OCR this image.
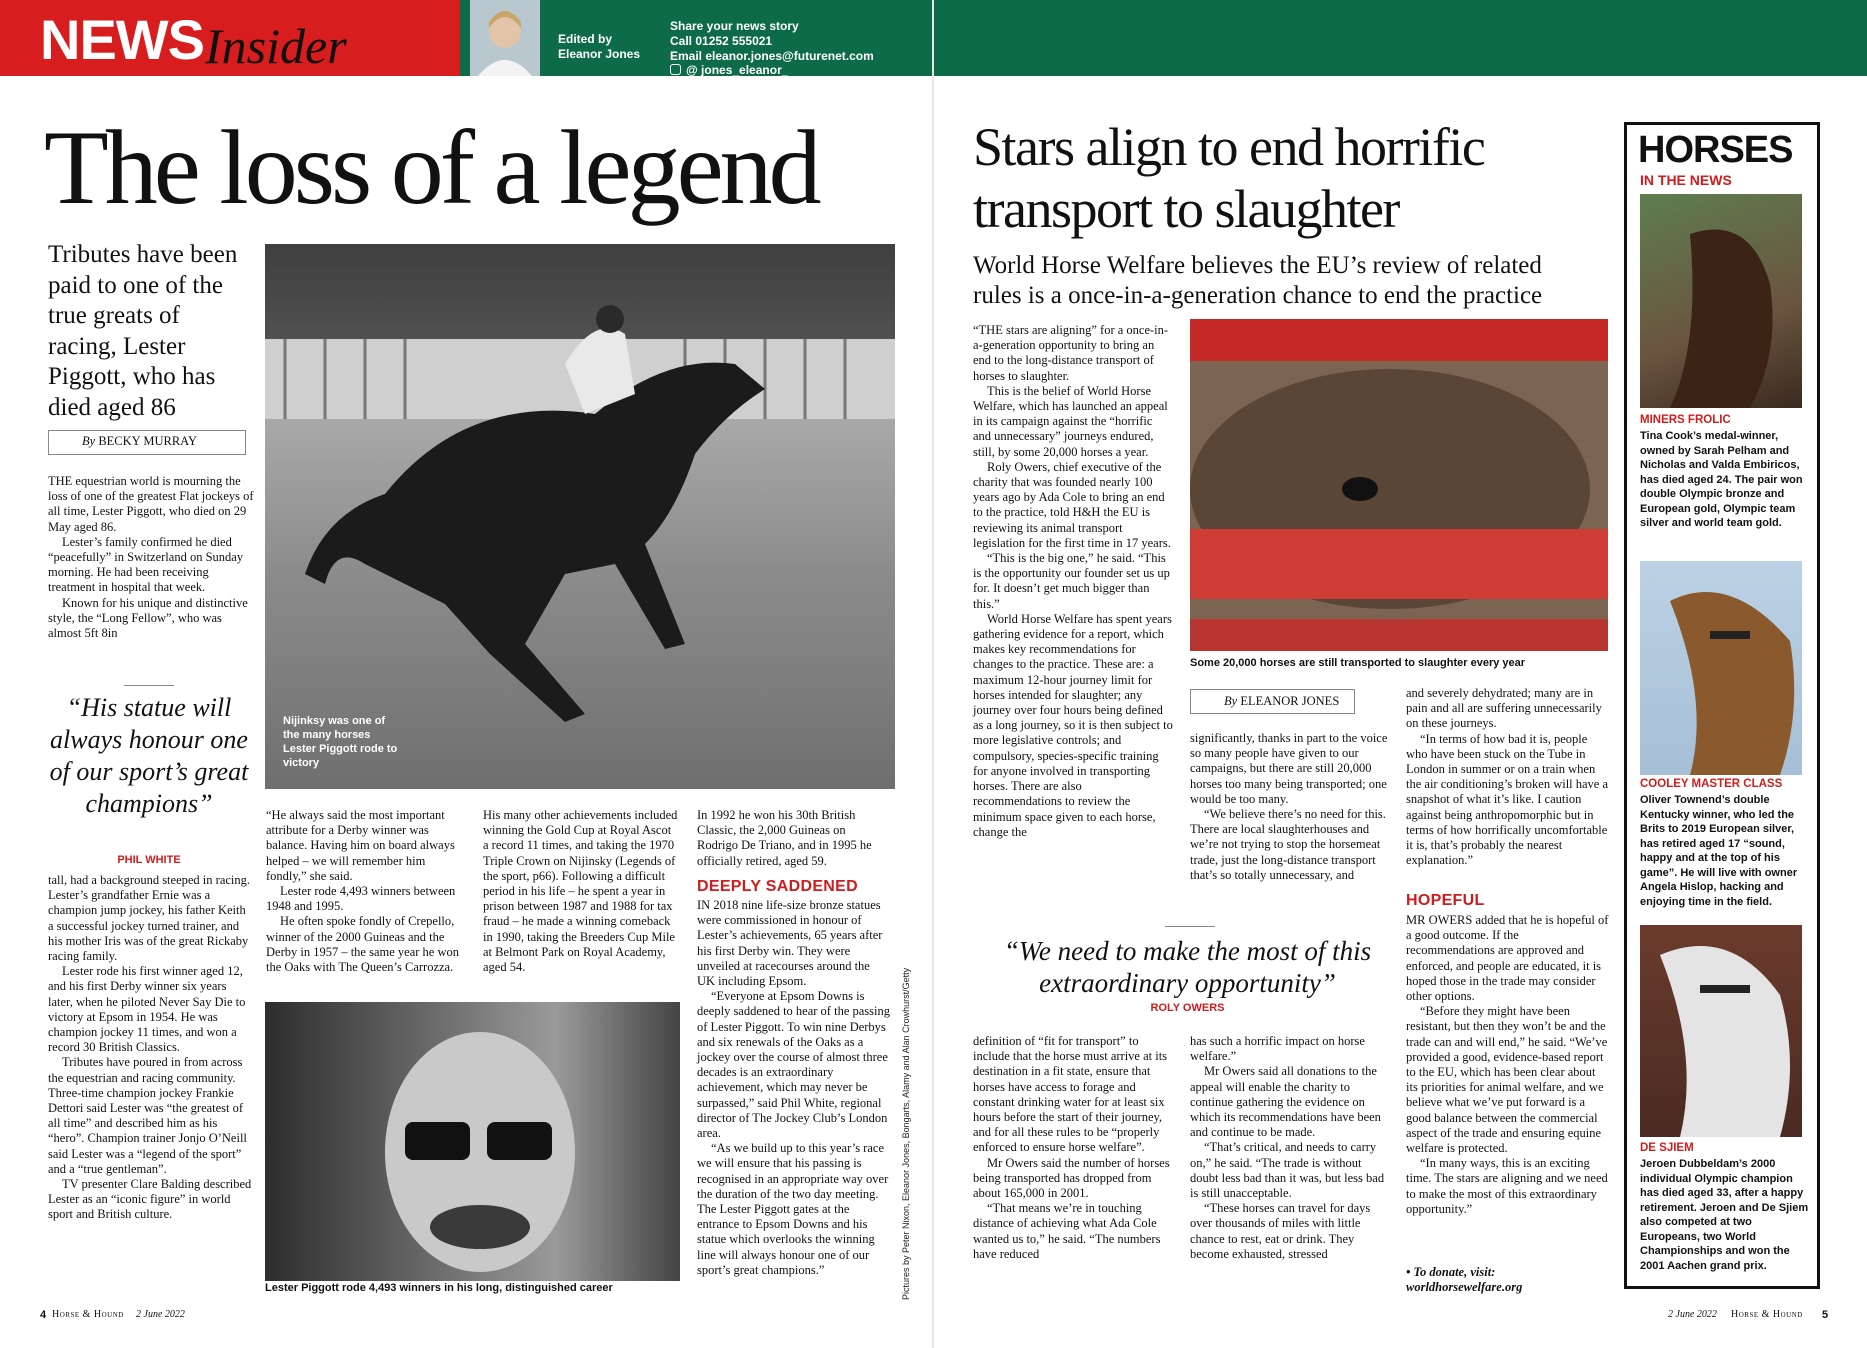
NEWS Insider	Edited by
Eleanor Jones
Share your news story
Call 01252 555021
Email eleanor.jones@futurenet.com
@ jones_eleanor_
The loss of a legend
Tributes have been paid to one of the true greats of racing, Lester Piggott, who has died aged 86
By BECKY MURRAY

THE equestrian world is mourning the loss of one of the greatest Flat jockeys of all time, Lester Piggott, who died on 29 May aged 86.

Lester’s family confirmed he died “peacefully” in Switzerland on Sunday morning. He had been receiving treatment in hospital that week.

Known for his unique and distinctive style, the “Long Fellow”, who was almost 5ft 8in

“His statue will always honour one of our sport’s great champions”
PHIL WHITE

tall, had a background steeped in racing. Lester’s grandfather Ernie was a champion jump jockey, his father Keith a successful jockey turned trainer, and his mother Iris was of the great Rickaby racing family.

Lester rode his first winner aged 12, and his first Derby winner six years later, when he piloted Never Say Die to victory at Epsom in 1954. He was champion jockey 11 times, and won a record 30 British Classics.

Tributes have poured in from across the equestrian and racing community. Three-time champion jockey Frankie Dettori said Lester was “the greatest of all time” and described him as his “hero”. Champion trainer Jonjo O’Neill said Lester was a “legend of the sport” and a “true gentleman”.

TV presenter Clare Balding described Lester as an “iconic figure” in world sport and British culture.

Nijinksy was one of the many horses Lester Piggott rode to victory

“He always said the most important attribute for a Derby winner was balance. Having him on board always helped – we will remember him fondly,” she said.

Lester rode 4,493 winners between 1948 and 1995.

He often spoke fondly of Crepello, winner of the 2000 Guineas and the Derby in 1957 – the same year he won the Oaks with The Queen’s Carrozza.

His many other achievements included winning the Gold Cup at Royal Ascot a record 11 times, and taking the 1970 Triple Crown on Nijinsky (Legends of the sport, p66). Following a difficult period in his life – he spent a year in prison between 1987 and 1988 for tax fraud – he made a winning comeback in 1990, taking the Breeders Cup Mile at Belmont Park on Royal Academy, aged 54.

Lester Piggott rode 4,493 winners in his long, distinguished career

In 1992 he won his 30th British Classic, the 2,000 Guineas on Rodrigo De Triano, and in 1995 he officially retired, aged 59.

DEEPLY SADDENED

IN 2018 nine life-size bronze statues were commissioned in honour of Lester’s achievements, 65 years after his first Derby win. They were unveiled at racecourses around the UK including Epsom.

“Everyone at Epsom Downs is deeply saddened to hear of the passing of Lester Piggott. To win nine Derbys and six renewals of the Oaks as a jockey over the course of almost three decades is an extraordinary achievement, which may never be surpassed,” said Phil White, regional director of The Jockey Club’s London area.

“As we build up to this year’s race we will ensure that his passing is recognised in an appropriate way over the duration of the two day meeting. The Lester Piggott gates at the entrance to Epsom Downs and his statue which overlooks the winning line will always honour one of our sport’s great champions.”	Pictures by Peter Nixon, Eleanor Jones, Bongarts, Alamy and Alan Crowhurst/Getty
Stars align to end horrific
transport to slaughter
World Horse Welfare believes the EU’s review of related rules is a once-in-a-generation chance to end the practice

“THE stars are aligning” for a once-in-a-generation opportunity to bring an end to the long-distance transport of horses to slaughter.

This is the belief of World Horse Welfare, which has launched an appeal in its campaign against the “horrific and unnecessary” journeys endured, still, by some 20,000 horses a year.

Roly Owers, chief executive of the charity that was founded nearly 100 years ago by Ada Cole to bring an end to the practice, told H&H the EU is reviewing its animal transport legislation for the first time in 17 years.

“This is the big one,” he said. “This is the opportunity our founder set us up for. It doesn’t get much bigger than this.”

World Horse Welfare has spent years gathering evidence for a report, which makes key recommendations for changes to the practice. These are: a maximum 12-hour journey limit for horses intended for slaughter; any journey over four hours being defined as a long journey, so it is then subject to more legislative controls; and compulsory, species-specific training for anyone involved in transporting horses. There are also recommendations to review the minimum space given to each horse, change the

Some 20,000 horses are still transported to slaughter every year
By ELEANOR JONES

significantly, thanks in part to the voice so many people have given to our campaigns, but there are still 20,000 horses too many being transported; one would be too many.

“We believe there’s no need for this. There are local slaughterhouses and we’re not trying to stop the horsemeat trade, just the long-distance transport that’s so totally unnecessary, and

and severely dehydrated; many are in pain and all are suffering unnecessarily on these journeys.

“In terms of how bad it is, people who have been stuck on the Tube in London in summer or on a train when the air conditioning’s broken will have a snapshot of what it’s like. I caution against being anthropomorphic but in terms of how horrifically uncomfortable it is, that’s probably the nearest explanation.”

HOPEFUL

MR OWERS added that he is hopeful of a good outcome. If the recommendations are approved and enforced, and people are educated, it is hoped those in the trade may consider other options.

“Before they might have been resistant, but then they won’t be and the trade can and will end,” he said. “We’ve provided a good, evidence-based report to the EU, which has been clear about its priorities for animal welfare, and we believe what we’ve put forward is a good balance between the commercial aspect of the trade and ensuring equine welfare is protected.

“In many ways, this is an exciting time. The stars are aligning and we need to make the most of this extraordinary opportunity.”

• To donate, visit: worldhorsewelfare.org
“We need to make the most of this extraordinary opportunity”
ROLY OWERS

definition of “fit for transport” to include that the horse must arrive at its destination in a fit state, ensure that horses have access to forage and constant drinking water for at least six hours before the start of their journey, and for all these rules to be “properly enforced to ensure horse welfare”.

Mr Owers said the number of horses being transported has dropped from about 165,000 in 2001.

“That means we’re in touching distance of achieving what Ada Cole wanted us to,” he said. “The numbers have reduced

has such a horrific impact on horse welfare.”

Mr Owers said all donations to the appeal will enable the charity to continue gathering the evidence on which its recommendations have been and continue to be made.

“That’s critical, and needs to carry on,” he said. “The trade is without doubt less bad than it was, but less bad is still unacceptable.

“These horses can travel for days over thousands of miles with little chance to rest, eat or drink. They become exhausted, stressed

HORSES
IN THE NEWS
MINERS FROLIC
Tina Cook’s medal-winner, owned by Sarah Pelham and Nicholas and Valda Embiricos, has died aged 24. The pair won double Olympic bronze and European gold, Olympic team silver and world team gold.
COOLEY MASTER CLASS
Oliver Townend’s double Kentucky winner, who led the Brits to 2019 European silver, has retired aged 17 “sound, happy and at the top of his game”. He will live with owner Angela Hislop, hacking and enjoying time in the field.
DE SJIEM
Jeroen Dubbeldam’s 2000 individual Olympic champion has died aged 33, after a happy retirement. Jeroen and De Sjiem also competed at two Europeans, two World Championships and won the 2001 Aachen grand prix.
4 Horse & Hound 2 June 2022	2 June 2022 Horse & Hound 5
